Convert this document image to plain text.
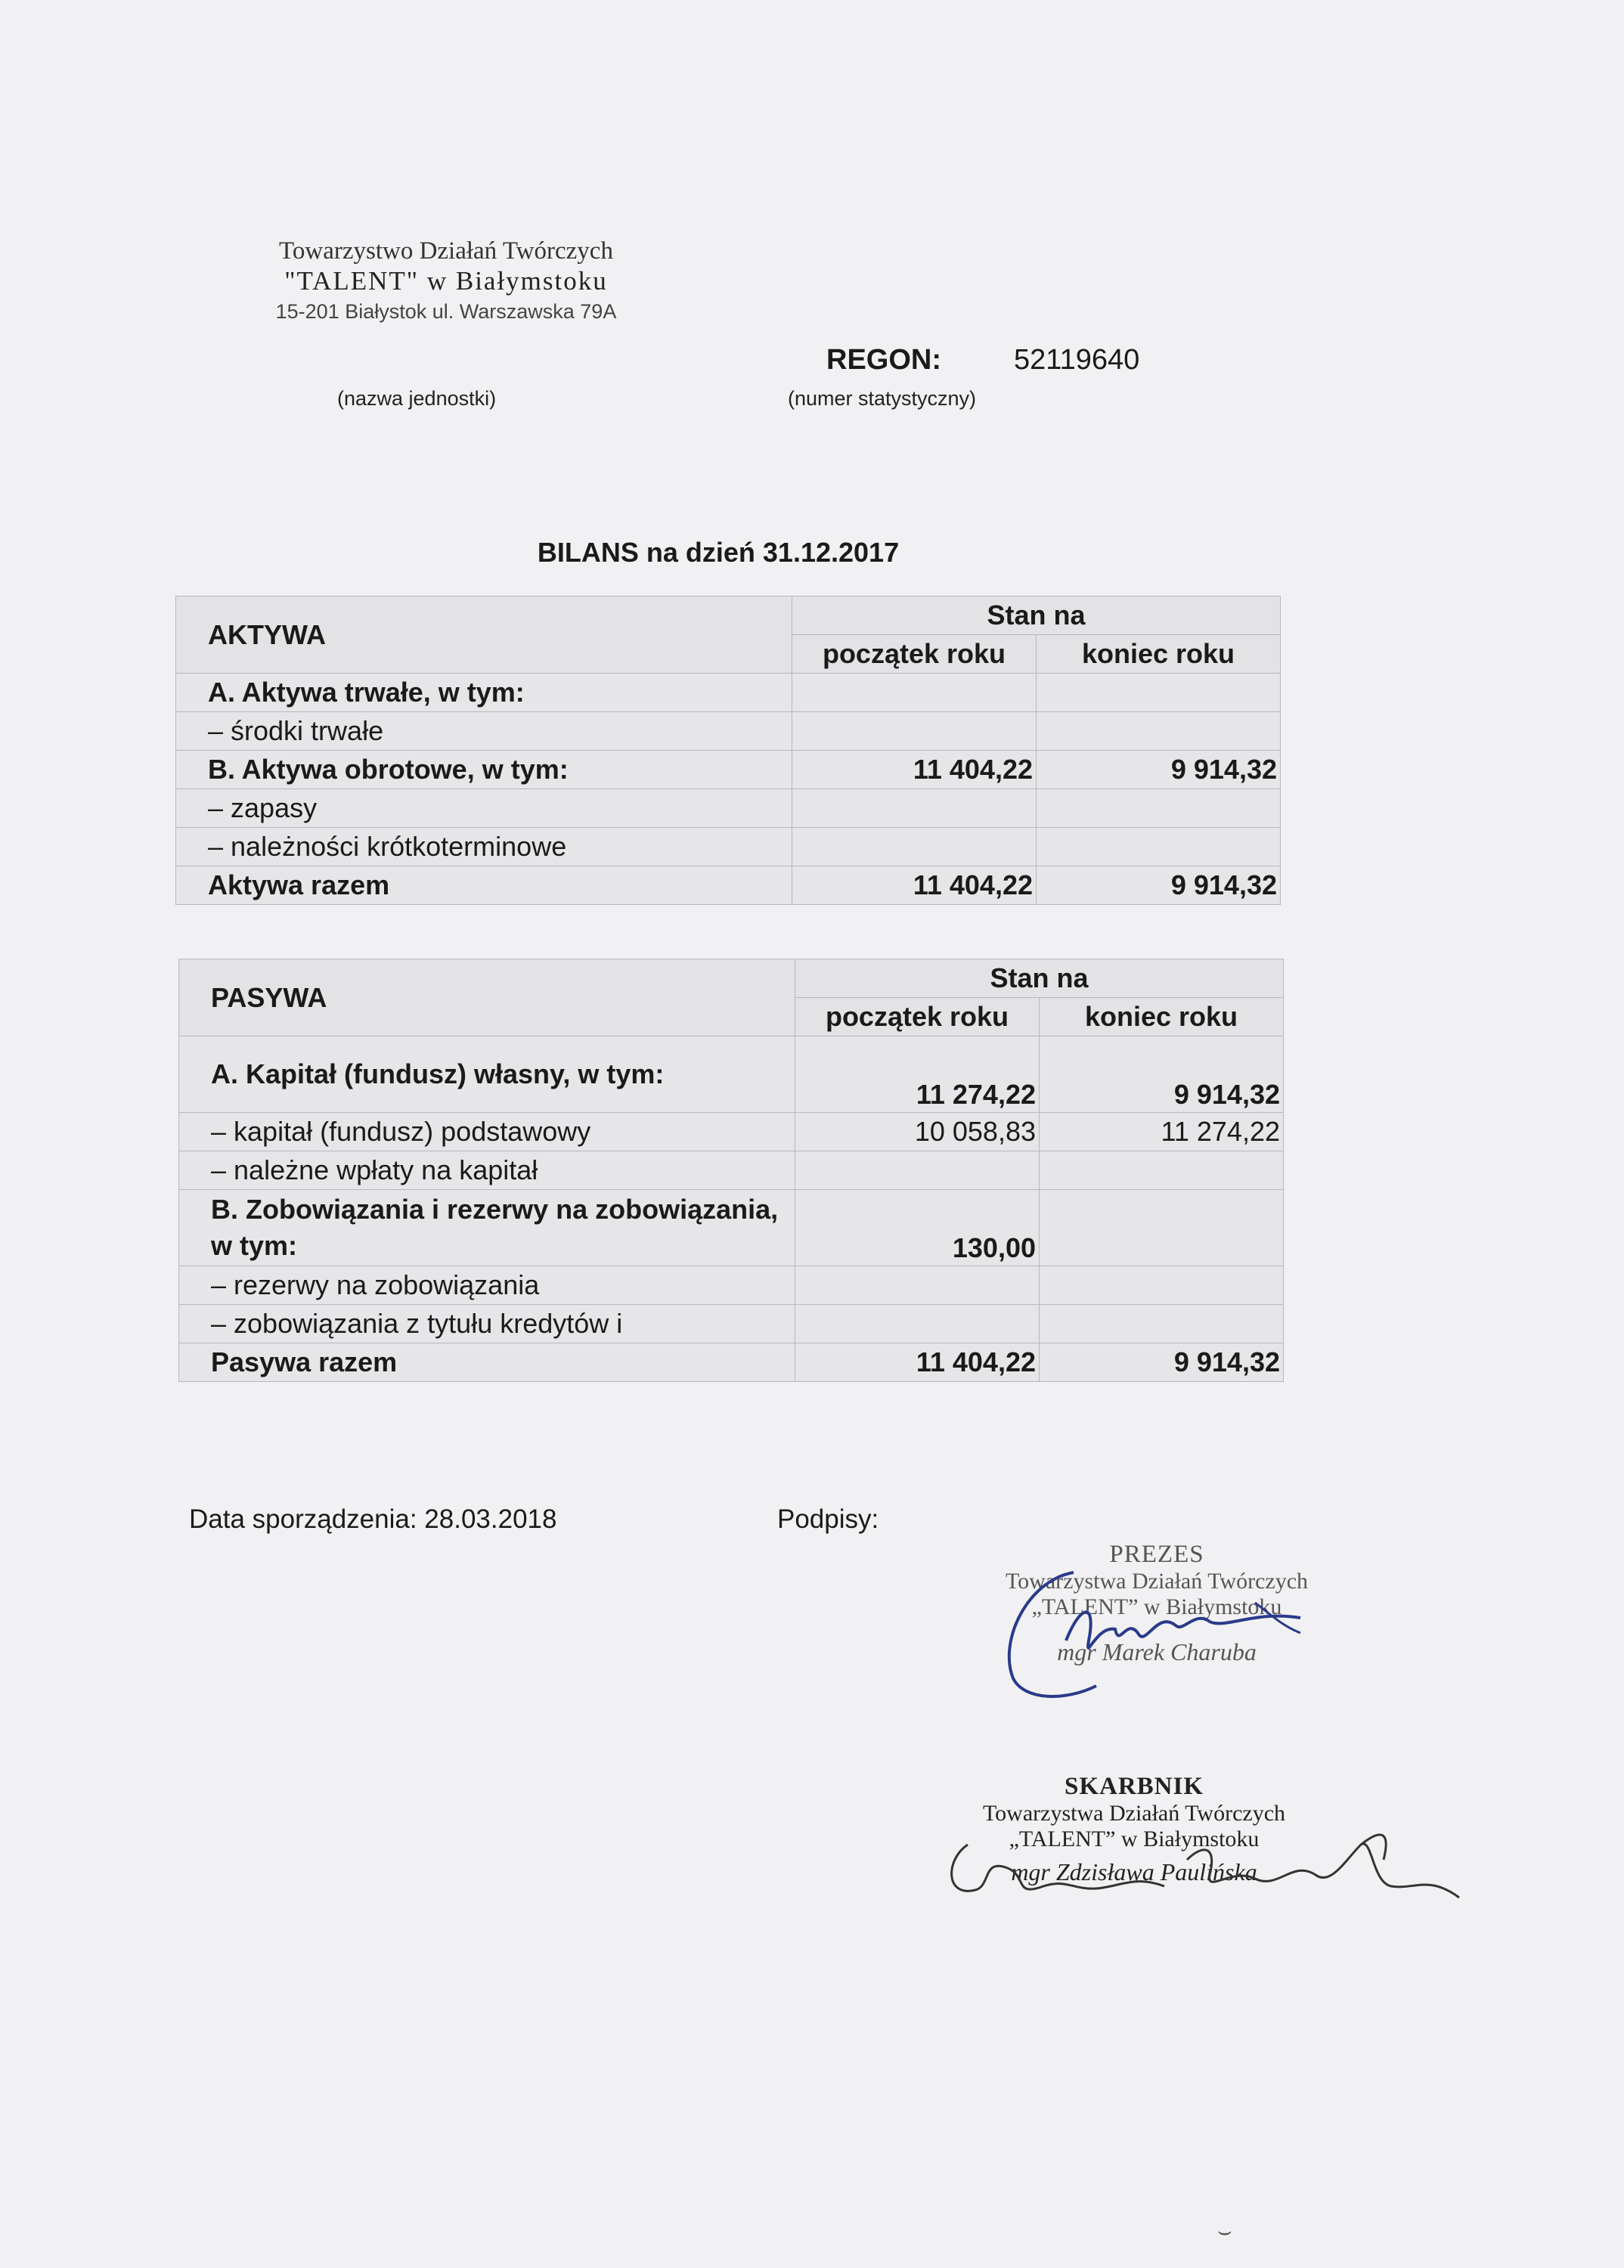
Towarzystwo Działań Twórczych
"TALENT" w Białymstoku
15-201 Białystok ul. Warszawska 79A
(nazwa jednostki)
REGON:	52119640
(numer statystyczny)
BILANS na dzień 31.12.2017
AKTYWA	Stan na	
	początek roku	koniec roku
A. Aktywa trwałe, w tym:		
– środki trwałe		
B. Aktywa obrotowe, w tym:	11 404,22	9 914,32
– zapasy		
– należności krótkoterminowe		
Aktywa razem	11 404,22	9 914,32
PASYWA	Stan na	
	początek roku	koniec roku
A. Kapitał (fundusz) własny, w tym:	11 274,22	9 914,32
– kapitał (fundusz) podstawowy	10 058,83	11 274,22
– należne wpłaty na kapitał		
B. Zobowiązania i rezerwy na zobowiązania, w tym:	130,00	
– rezerwy na zobowiązania		
– zobowiązania z tytułu kredytów i		
Pasywa razem	11 404,22	9 914,32
Data sporządzenia: 28.03.2018	Podpisy:
PREZES
Towarzystwa Działań Twórczych
„TALENT” w Białymstoku
mgr Marek Charuba
SKARBNIK
Towarzystwa Działań Twórczych
„TALENT” w Białymstoku
mgr Zdzisława Paulińska
⌣
